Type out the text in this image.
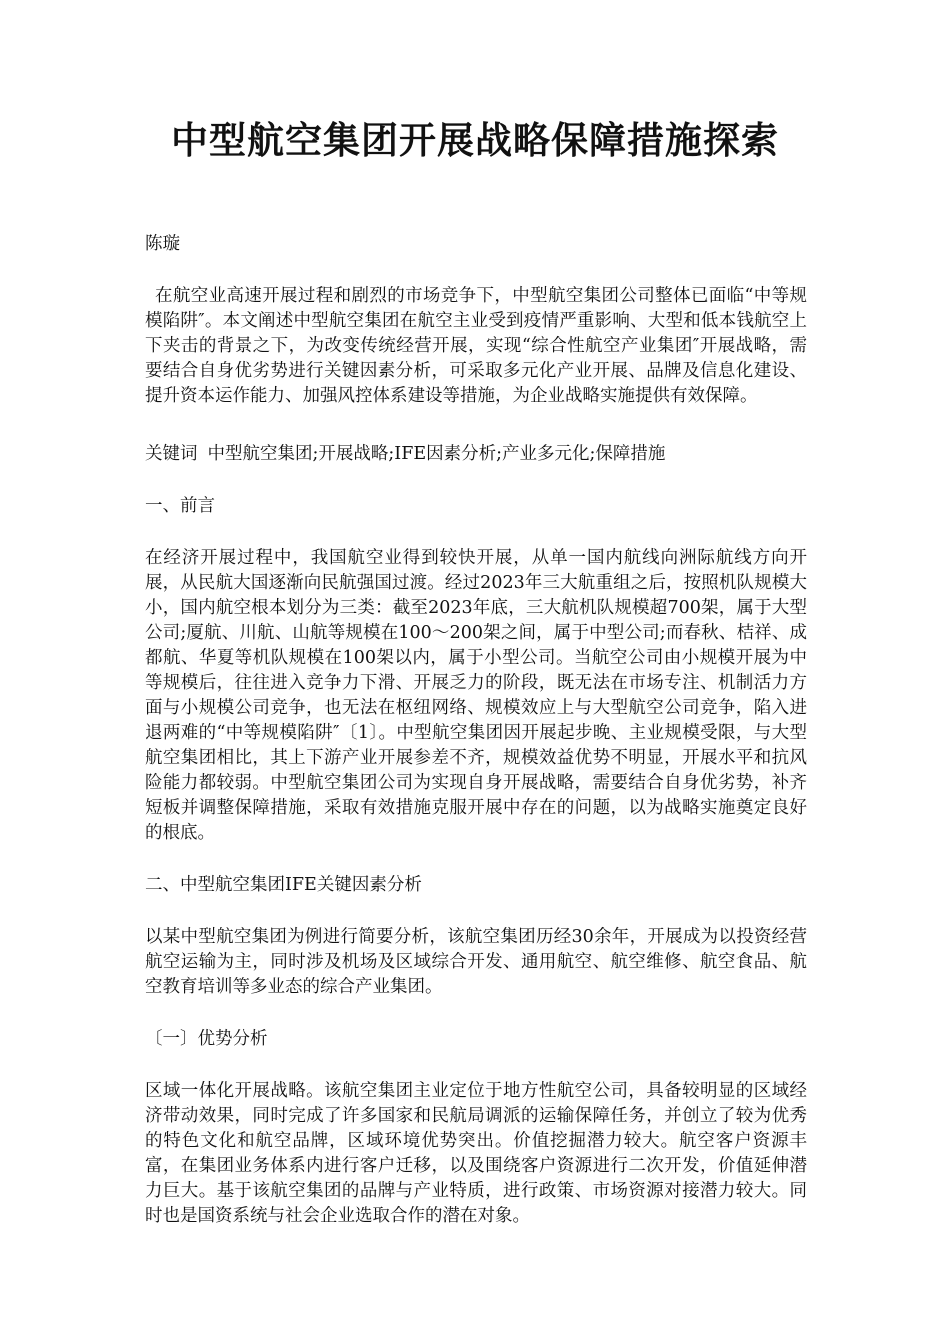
中型航空集团开展战略保障措施探索

陈璇

在航空业高速开展过程和剧烈的市场竞争下，中型航空集团公司整体已面临“中等规模陷阱″。本文阐述中型航空集团在航空主业受到疫情严重影响、大型和低本钱航空上下夹击的背景之下，为改变传统经营开展，实现“综合性航空产业集团″开展战略，需要结合自身优劣势进行关键因素分析，可采取多元化产业开展、品牌及信息化建设、提升资本运作能力、加强风控体系建设等措施，为企业战略实施提供有效保障。

关键词 中型航空集团;开展战略;IFE因素分析;产业多元化;保障措施

一、前言

在经济开展过程中，我国航空业得到较快开展，从单一国内航线向洲际航线方向开展，从民航大国逐渐向民航强国过渡。经过2023年三大航重组之后，按照机队规模大小，国内航空根本划分为三类：截至2023年底，三大航机队规模超700架，属于大型公司;厦航、川航、山航等规模在100～200架之间，属于中型公司;而春秋、桔祥、成都航、华夏等机队规模在100架以内，属于小型公司。当航空公司由小规模开展为中等规模后，往往进入竞争力下滑、开展乏力的阶段，既无法在市场专注、机制活力方面与小规模公司竞争，也无法在枢纽网络、规模效应上与大型航空公司竞争，陷入进退两难的“中等规模陷阱″〔1〕。中型航空集团因开展起步晚、主业规模受限，与大型航空集团相比，其上下游产业开展参差不齐，规模效益优势不明显，开展水平和抗风险能力都较弱。中型航空集团公司为实现自身开展战略，需要结合自身优劣势，补齐短板并调整保障措施，采取有效措施克服开展中存在的问题，以为战略实施奠定良好的根底。

二、中型航空集团IFE关键因素分析

以某中型航空集团为例进行简要分析，该航空集团历经30余年，开展成为以投资经营航空运输为主，同时涉及机场及区域综合开发、通用航空、航空维修、航空食品、航空教育培训等多业态的综合产业集团。

〔一〕优势分析

区域一体化开展战略。该航空集团主业定位于地方性航空公司，具备较明显的区域经济带动效果，同时完成了许多国家和民航局调派的运输保障任务，并创立了较为优秀的特色文化和航空品牌，区域环境优势突出。价值挖掘潜力较大。航空客户资源丰富，在集团业务体系内进行客户迁移，以及围绕客户资源进行二次开发，价值延伸潜力巨大。基于该航空集团的品牌与产业特质，进行政策、市场资源对接潜力较大。同时也是国资系统与社会企业选取合作的潜在对象。
